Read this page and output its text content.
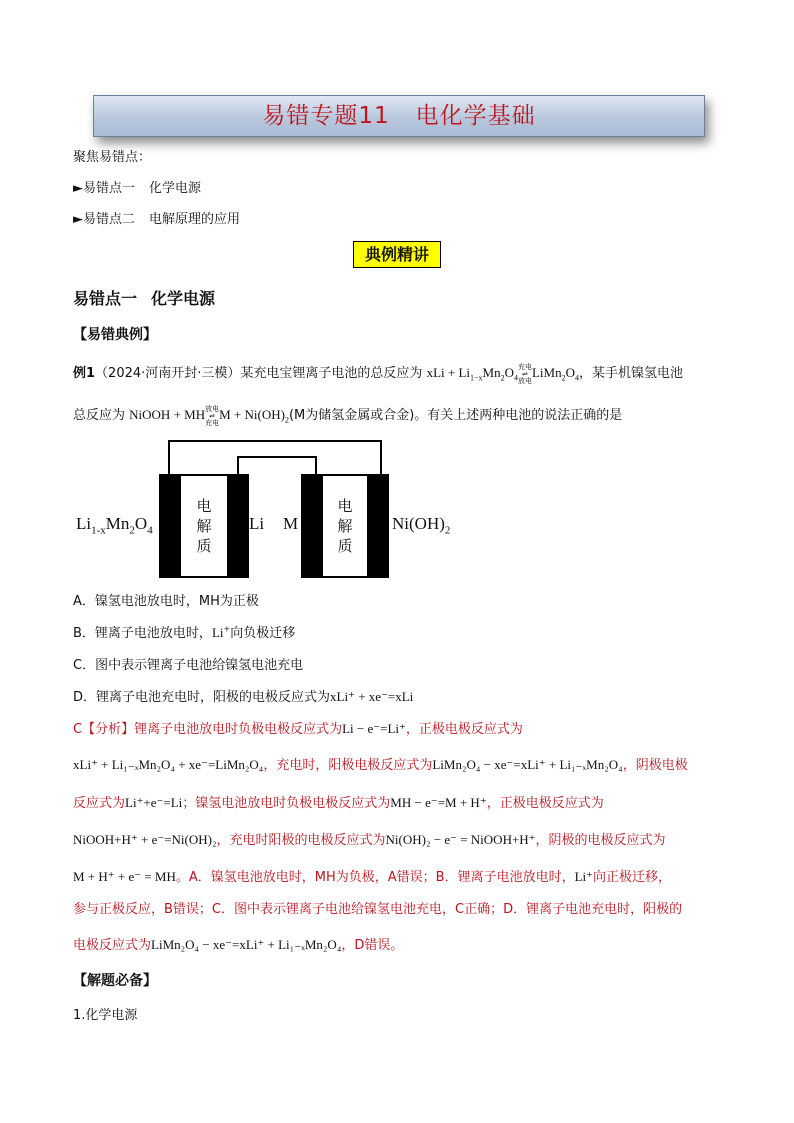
易错专题11 电化学基础
聚焦易错点：
►易错点一 化学电源
►易错点二 电解原理的应用
典例精讲
易错点一 化学电源
【易错典例】
例1（2024·河南开封·三模）某充电宝锂离子电池的总反应为 xLi + $Li_{1-x}Mn_2O_4$充电
⇌
放电$LiMn_2O_4$，某手机镍氢电池
总反应为 NiOOH + MH放电
⇌
充电$M + Ni(OH)_2(M$为储氢金属或合金)。有关上述两种电池的说法正确的是
电解质
电解质
$Li_{1-x}Mn_2O_4$	Li M	$Ni(OH)_2$
A．镍氢电池放电时，MH为正极
B．锂离子电池放电时，Li+向负极迁移
C．图中表示锂离子电池给镍氢电池充电
D．锂离子电池充电时，阳极的电极反应式为xLi⁺ + xe⁻=xLi
C【分析】锂离子电池放电时负极电极反应式为Li − e⁻=Li⁺，正极电极反应式为
xLi⁺ + Li₁₋ₓMn₂O₄ + xe⁻=LiMn₂O₄，充电时，阳极电极反应式为LiMn₂O₄ − xe⁻=xLi⁺ + Li₁₋ₓMn₂O₄，阴极电极
反应式为Li⁺+e⁻=Li；镍氢电池放电时负极电极反应式为MH − e⁻=M + H⁺，正极电极反应式为
NiOOH+H⁺ + e⁻=Ni(OH)₂，充电时阳极的电极反应式为Ni(OH)₂ − e⁻ = NiOOH+H⁺，阴极的电极反应式为
M + H⁺ + e⁻ = MH。A．镍氢电池放电时，MH为负极，A错误；B．锂离子电池放电时，Li⁺向正极迁移，
参与正极反应，B错误；C．图中表示锂离子电池给镍氢电池充电，C正确；D．锂离子电池充电时，阳极的
电极反应式为LiMn₂O₄ − xe⁻=xLi⁺ + Li₁₋ₓMn₂O₄，D错误。
【解题必备】
1.化学电源
